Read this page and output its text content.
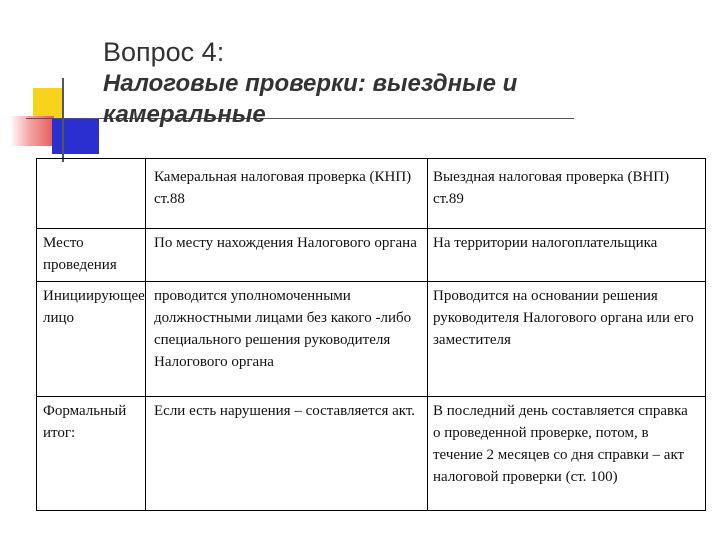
Вопрос 4:
Налоговые проверки: выездные и камеральные
Камеральная налоговая проверка (КНП) ст.88
Выездная налоговая проверка (ВНП) ст.89
Место проведения
По месту нахождения Налогового органа	На территории налогоплательщика
Инициирующее лицо
проводится уполномоченными должностными лицами без какого -либо специального решения руководителя Налогового органа
Проводится на основании решения руководителя Налогового органа или его заместителя
Формальный итог:
Если есть нарушения – составляется акт.	В последний день составляется справка о проведенной проверке, потом, в течение 2 месяцев со дня справки – акт налоговой проверки (ст. 100)
